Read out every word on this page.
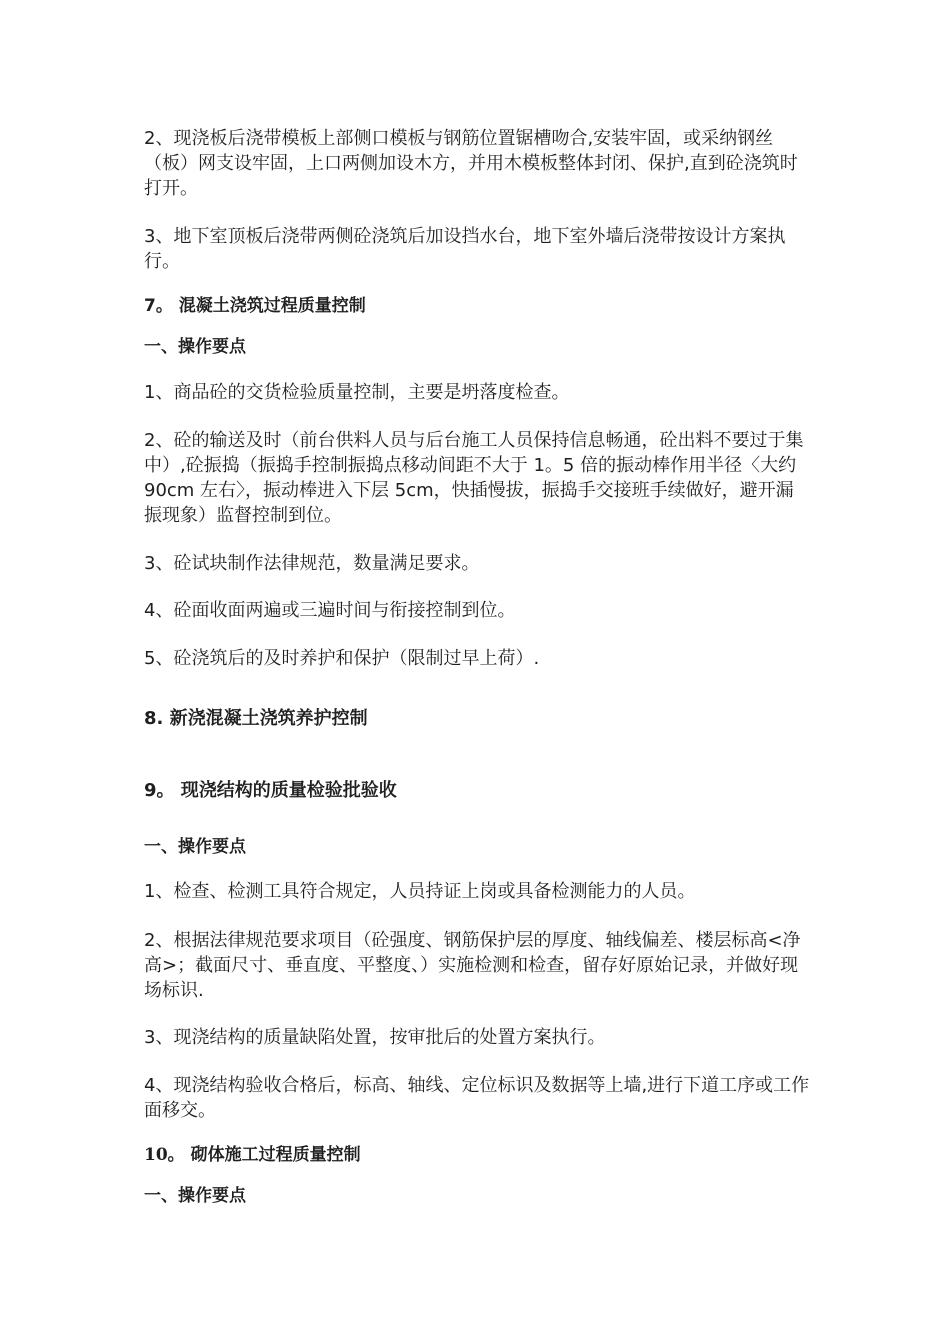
2、现浇板后浇带模板上部侧口模板与钢筋位置锯槽吻合,安装牢固，或采纳钢丝（板）网支设牢固，上口两侧加设木方，并用木模板整体封闭、保护,直到砼浇筑时打开。

3、地下室顶板后浇带两侧砼浇筑后加设挡水台，地下室外墙后浇带按设计方案执行。

7。 混凝土浇筑过程质量控制

一、操作要点

1、商品砼的交货检验质量控制，主要是坍落度检查。

2、砼的输送及时（前台供料人员与后台施工人员保持信息畅通，砼出料不要过于集中）,砼振捣（振捣手控制振捣点移动间距不大于 1。5 倍的振动棒作用半径〈大约 90cm 左右〉，振动棒进入下层 5cm，快插慢拔，振捣手交接班手续做好，避开漏振现象）监督控制到位。

3、砼试块制作法律规范，数量满足要求。

4、砼面收面两遍或三遍时间与衔接控制到位。

5、砼浇筑后的及时养护和保护（限制过早上荷）.

8. 新浇混凝土浇筑养护控制

9。 现浇结构的质量检验批验收

一、操作要点

1、检查、检测工具符合规定，人员持证上岗或具备检测能力的人员。

2、根据法律规范要求项目（砼强度、钢筋保护层的厚度、轴线偏差、楼层标高<净高>；截面尺寸、垂直度、平整度、）实施检测和检查，留存好原始记录，并做好现场标识.

3、现浇结构的质量缺陷处置，按审批后的处置方案执行。

4、现浇结构验收合格后，标高、轴线、定位标识及数据等上墙,进行下道工序或工作面移交。

10。 砌体施工过程质量控制

一、操作要点
